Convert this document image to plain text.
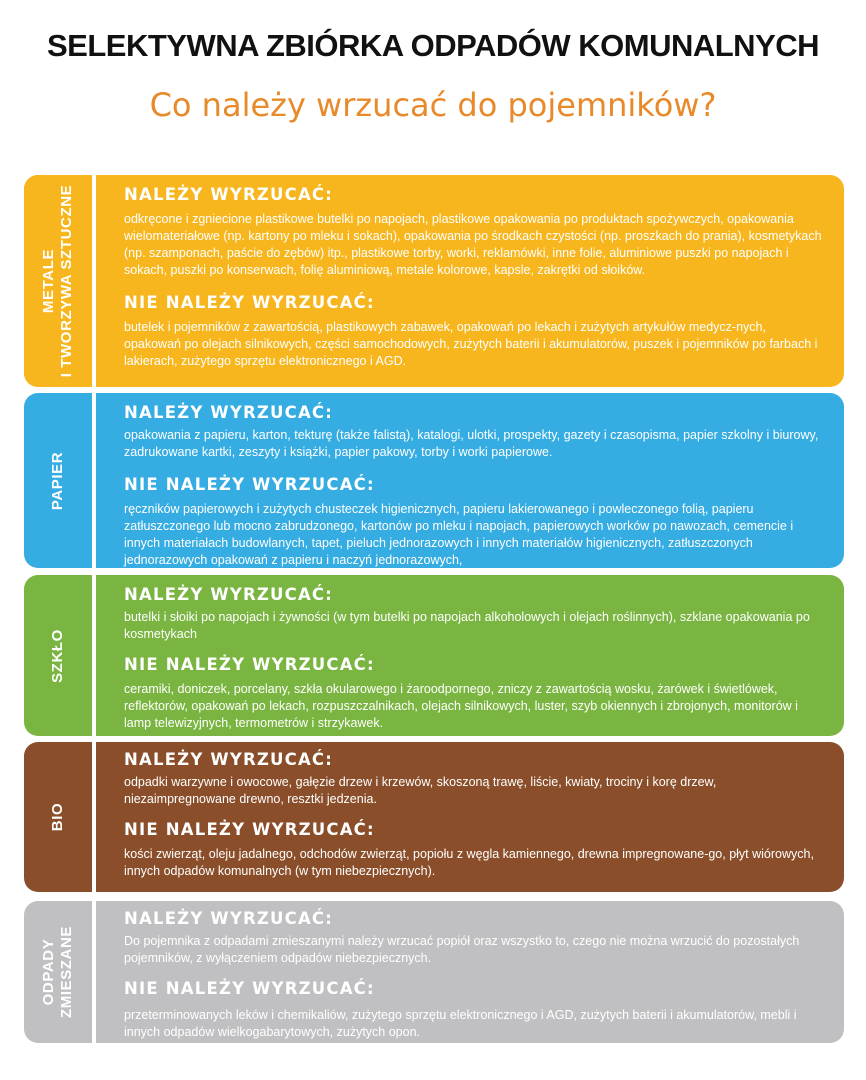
SELEKTYWNA ZBIÓRKA ODPADÓW KOMUNALNYCH
Co należy wrzucać do pojemników?
METALE
I TWORZYWA SZTUCZNE	NALEŻY WYRZUCAĆ:

odkręcone i zgniecione plastikowe butelki po napojach, plastikowe opakowania po produktach spożywczych, opakowania wielomateriałowe (np. kartony po mleku i sokach), opakowania po środkach czystości (np. proszkach do prania), kosmetykach (np. szamponach, paście do zębów) itp., plastikowe torby, worki, reklamówki, inne folie, aluminiowe puszki po napojach i sokach, puszki po konserwach, folię aluminiową, metale kolorowe, kapsle, zakrętki od słoików.

NIE NALEŻY WYRZUCAĆ:

butelek i pojemników z zawartością, plastikowych zabawek, opakowań po lekach i zużytych artykułów medycz-nych, opakowań po olejach silnikowych, części samochodowych, zużytych baterii i akumulatorów, puszek i pojemników po farbach i lakierach, zużytego sprzętu elektronicznego i AGD.

PAPIER

NALEŻY WYRZUCAĆ:

opakowania z papieru, karton, tekturę (także falistą), katalogi, ulotki, prospekty, gazety i czasopisma, papier szkolny i biurowy, zadrukowane kartki, zeszyty i książki, papier pakowy, torby i worki papierowe.

NIE NALEŻY WYRZUCAĆ:

ręczników papierowych i zużytych chusteczek higienicznych, papieru lakierowanego i powleczonego folią, papieru zatłuszczonego lub mocno zabrudzonego, kartonów po mleku i napojach, papierowych worków po nawozach, cemencie i innych materiałach budowlanych, tapet, pieluch jednorazowych i innych materiałów higienicznych, zatłuszczonych jednorazowych opakowań z papieru i naczyń jednorazowych,

SZKŁO

NALEŻY WYRZUCAĆ:

butelki i słoiki po napojach i żywności (w tym butelki po napojach alkoholowych i olejach roślinnych), szklane opakowania po kosmetykach

NIE NALEŻY WYRZUCAĆ:

ceramiki, doniczek, porcelany, szkła okularowego i żaroodpornego, zniczy z zawartością wosku, żarówek i świetlówek, reflektorów, opakowań po lekach, rozpuszczalnikach, olejach silnikowych, luster, szyb okiennych i zbrojonych, monitorów i lamp telewizyjnych, termometrów i strzykawek.

BIO

NALEŻY WYRZUCAĆ:

odpadki warzywne i owocowe, gałęzie drzew i krzewów, skoszoną trawę, liście, kwiaty, trociny i korę drzew, niezaimpregnowane drewno, resztki jedzenia.

NIE NALEŻY WYRZUCAĆ:

kości zwierząt, oleju jadalnego, odchodów zwierząt, popiołu z węgla kamiennego, drewna impregnowane-go, płyt wiórowych, innych odpadów komunalnych (w tym niebezpiecznych).

ODPADY
ZMIESZANE

NALEŻY WYRZUCAĆ:

Do pojemnika z odpadami zmieszanymi należy wrzucać popiół oraz wszystko to, czego nie można wrzucić do pozostałych pojemników, z wyłączeniem odpadów niebezpiecznych.

NIE NALEŻY WYRZUCAĆ:

przeterminowanych leków i chemikaliów, zużytego sprzętu elektronicznego i AGD, zużytych baterii i akumulatorów, mebli i innych odpadów wielkogabarytowych, zużytych opon.
